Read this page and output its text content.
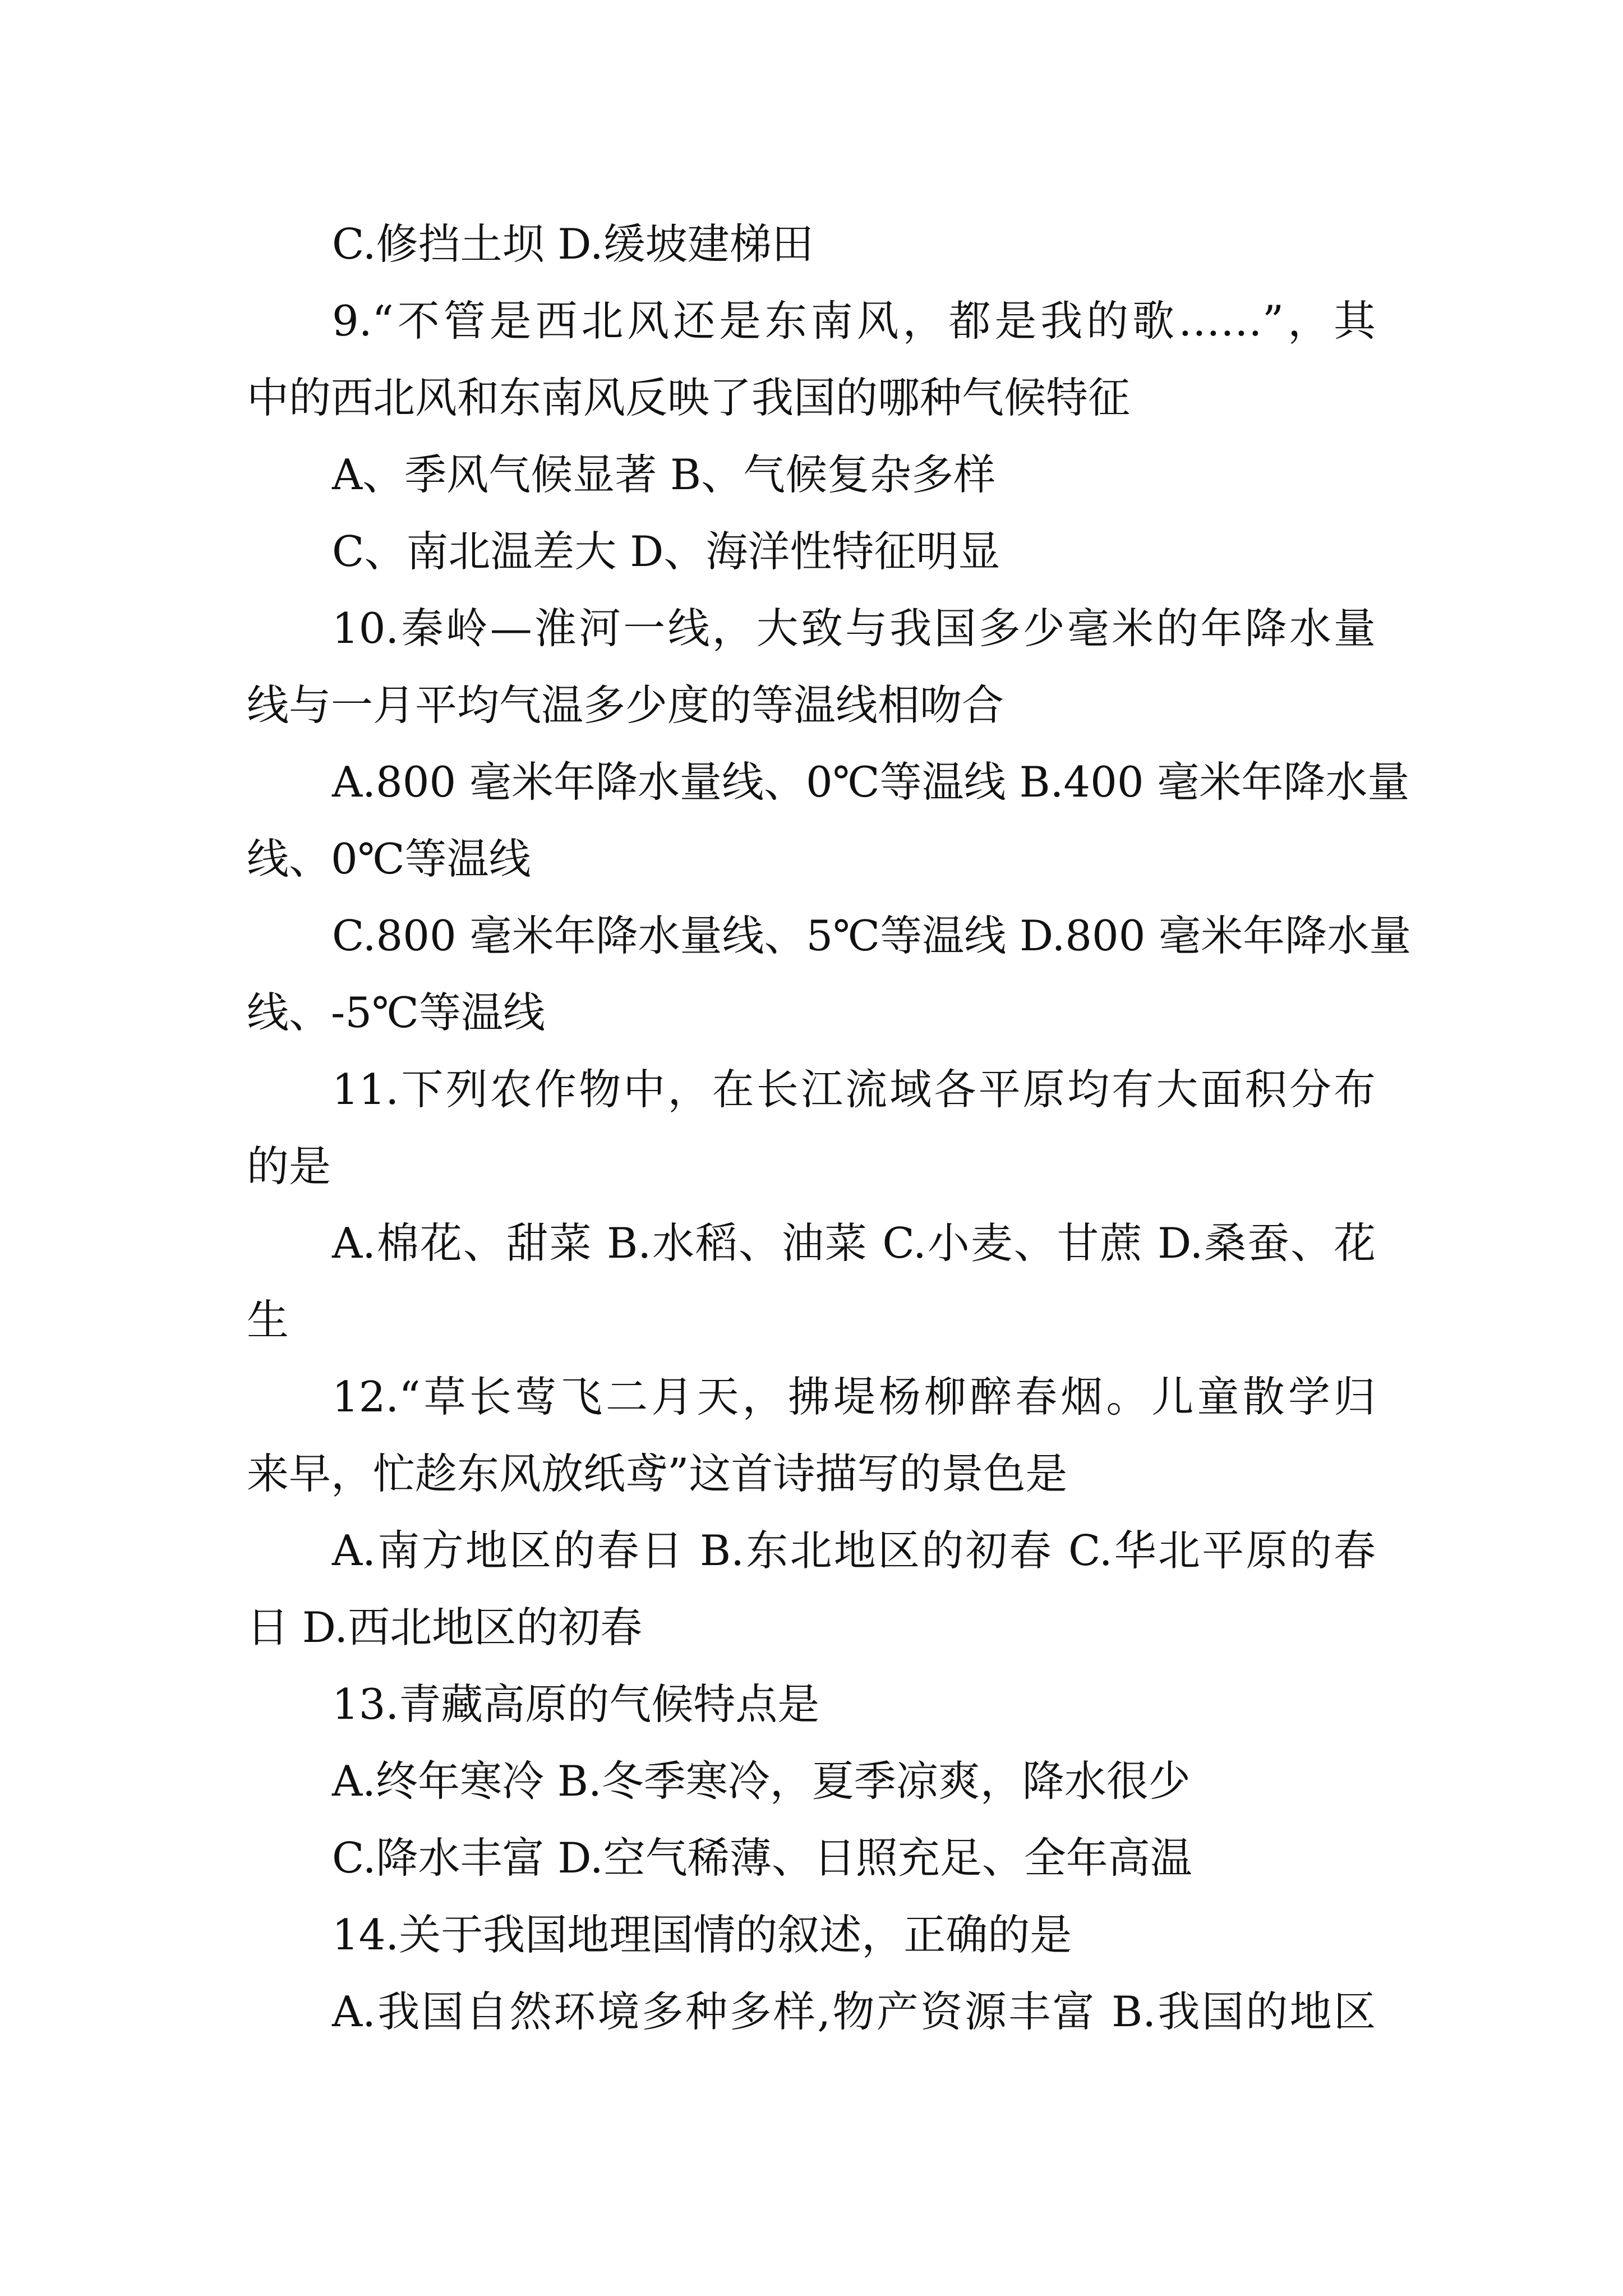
C.修挡土坝 D.缓坡建梯田
9.“不管是西北风还是东南风，都是我的歌……”，其
中的西北风和东南风反映了我国的哪种气候特征
A、季风气候显著 B、气候复杂多样
C、南北温差大 D、海洋性特征明显
10.秦岭—淮河一线，大致与我国多少毫米的年降水量
线与一月平均气温多少度的等温线相吻合
A.800 毫米年降水量线、0℃等温线 B.400 毫米年降水量
线、0℃等温线
C.800 毫米年降水量线、5℃等温线 D.800 毫米年降水量
线、-5℃等温线
11.下列农作物中，在长江流域各平原均有大面积分布
的是
A.棉花、甜菜 B.水稻、油菜 C.小麦、甘蔗 D.桑蚕、花
生
12.“草长莺飞二月天，拂堤杨柳醉春烟。儿童散学归
来早，忙趁东风放纸鸢”这首诗描写的景色是
A.南方地区的春日 B.东北地区的初春 C.华北平原的春
日 D.西北地区的初春
13.青藏高原的气候特点是
A.终年寒冷 B.冬季寒冷，夏季凉爽，降水很少
C.降水丰富 D.空气稀薄、日照充足、全年高温
14.关于我国地理国情的叙述，正确的是
A.我国自然环境多种多样,物产资源丰富 B.我国的地区
